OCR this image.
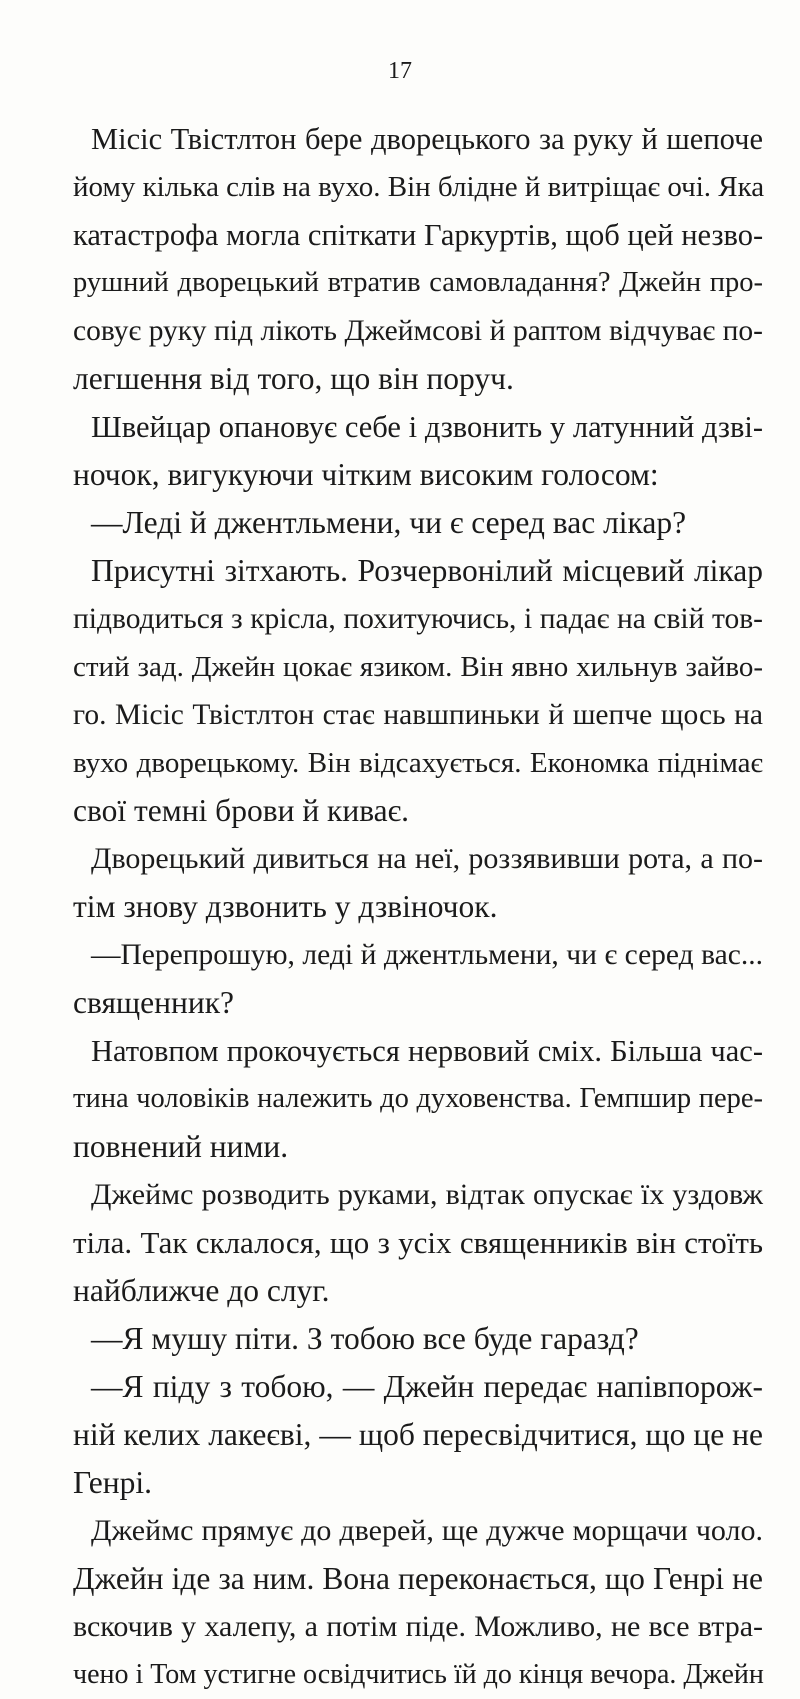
17
Місіс Твістлтон бере дворецького за руку й шепоче
йому кілька слів на вухо. Він блідне й витріщає очі. Яка
катастрофа могла спіткати Гаркуртів, щоб цей незво-
рушний дворецький втратив самовладання? Джейн про-
совує руку під лікоть Джеймсові й раптом відчуває по-
легшення від того, що він поруч.
Швейцар опановує себе і дзвонить у латунний дзві-
ночок, вигукуючи чітким високим голосом:
—Леді й джентльмени, чи є серед вас лікар?
Присутні зітхають. Розчервонілий місцевий лікар
підводиться з крісла, похитуючись, і падає на свій тов-
стий зад. Джейн цокає язиком. Він явно хильнув зайво-
го. Місіс Твістлтон стає навшпиньки й шепче щось на
вухо дворецькому. Він відсахується. Економка піднімає
свої темні брови й киває.
Дворецький дивиться на неї, роззявивши рота, а по-
тім знову дзвонить у дзвіночок.
—Перепрошую, леді й джентльмени, чи є серед вас...
священник?
Натовпом прокочується нервовий сміх. Більша час-
тина чоловіків належить до духовенства. Гемпшир пере-
повнений ними.
Джеймс розводить руками, відтак опускає їх уздовж
тіла. Так склалося, що з усіх священників він стоїть
найближче до слуг.
—Я мушу піти. З тобою все буде гаразд?
—Я піду з тобою, — Джейн передає напівпорож-
ній келих лакеєві, — щоб пересвідчитися, що це не
Генрі.
Джеймс прямує до дверей, ще дужче морщачи чоло.
Джейн іде за ним. Вона переконається, що Генрі не
вскочив у халепу, а потім піде. Можливо, не все втра-
чено і Том устигне освідчитись їй до кінця вечора. Джейн
